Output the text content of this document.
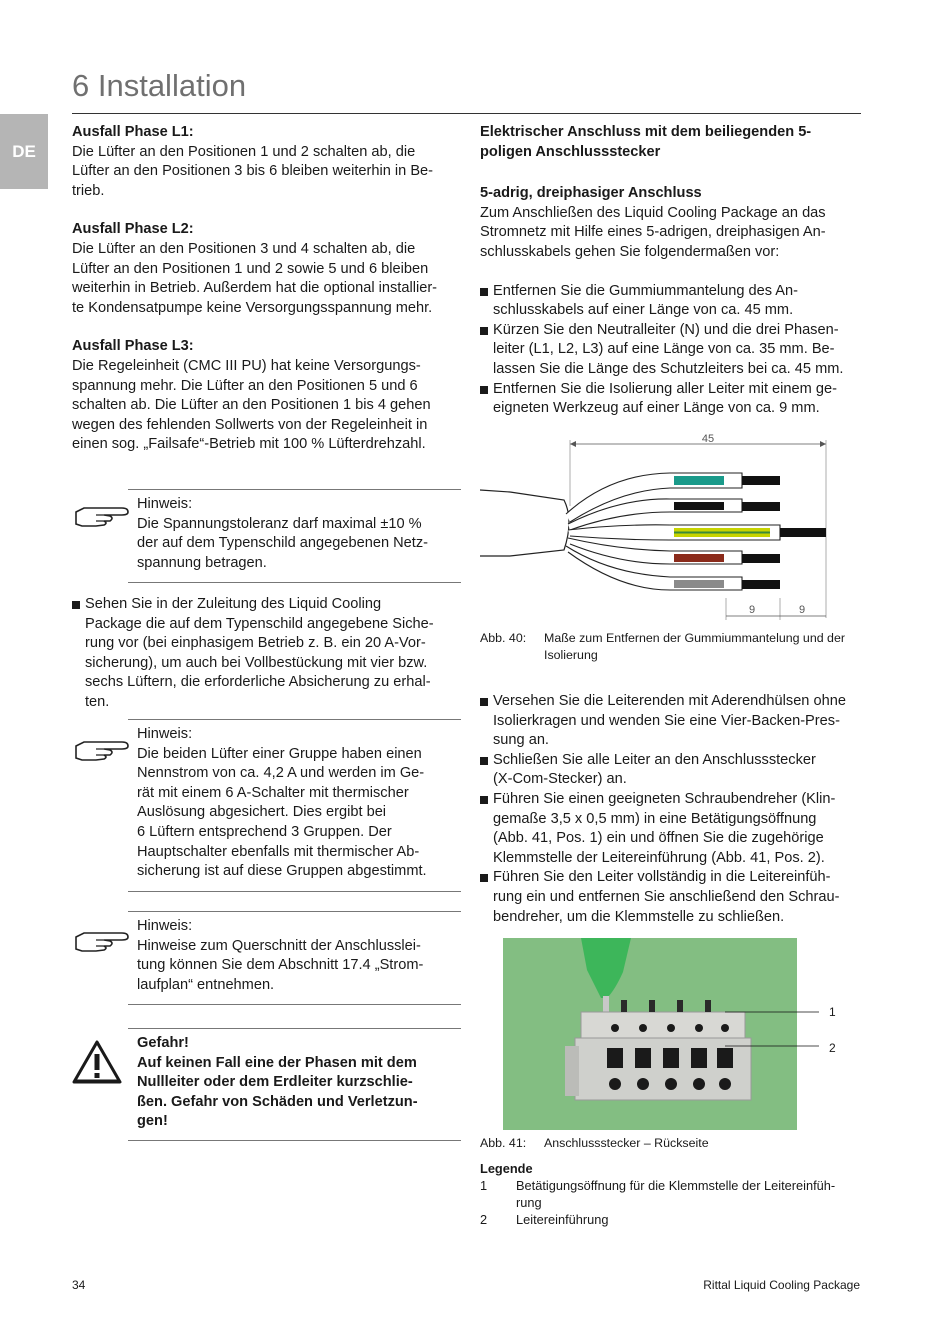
6 Installation
DE

Ausfall Phase L1:

Die Lüfter an den Positionen 1 und 2 schalten ab, die

Lüfter an den Positionen 3 bis 6 bleiben weiterhin in Be-

trieb.

Ausfall Phase L2:

Die Lüfter an den Positionen 3 und 4 schalten ab, die

Lüfter an den Positionen 1 und 2 sowie 5 und 6 bleiben

weiterhin in Betrieb. Außerdem hat die optional installier-

te Kondensatpumpe keine Versorgungsspannung mehr.

Ausfall Phase L3:

Die Regeleinheit (CMC III PU) hat keine Versorgungs-

spannung mehr. Die Lüfter an den Positionen 5 und 6

schalten ab. Die Lüfter an den Positionen 1 bis 4 gehen

wegen des fehlenden Sollwerts von der Regeleinheit in

einen sog. „Failsafe“-Betrieb mit 100 % Lüfterdrehzahl.

Hinweis:

Die Spannungstoleranz darf maximal ±10 %

der auf dem Typenschild angegebenen Netz-

spannung betragen.

Sehen Sie in der Zuleitung des Liquid Cooling

Package die auf dem Typenschild angegebene Siche-

rung vor (bei einphasigem Betrieb z. B. ein 20 A-Vor-

sicherung), um auch bei Vollbestückung mit vier bzw.

sechs Lüftern, die erforderliche Absicherung zu erhal-

ten.

Hinweis:

Die beiden Lüfter einer Gruppe haben einen

Nennstrom von ca. 4,2 A und werden im Ge-

rät mit einem 6 A-Schalter mit thermischer

Auslösung abgesichert. Dies ergibt bei

6 Lüftern entsprechend 3 Gruppen. Der

Hauptschalter ebenfalls mit thermischer Ab-

sicherung ist auf diese Gruppen abgestimmt.

Hinweis:

Hinweise zum Querschnitt der Anschlusslei-

tung können Sie dem Abschnitt 17.4 „Strom-

laufplan“ entnehmen.

Gefahr!

Auf keinen Fall eine der Phasen mit dem

Nullleiter oder dem Erdleiter kurzschlie-

ßen. Gefahr von Schäden und Verletzun-

gen!

Elektrischer Anschluss mit dem beiliegenden 5-

poligen Anschlussstecker

5-adrig, dreiphasiger Anschluss

Zum Anschließen des Liquid Cooling Package an das

Stromnetz mit Hilfe eines 5-adrigen, dreiphasigen An-

schlusskabels gehen Sie folgendermaßen vor:

Entfernen Sie die Gummiummantelung des An-

schlusskabels auf einer Länge von ca. 45 mm.

Kürzen Sie den Neutralleiter (N) und die drei Phasen-

leiter (L1, L2, L3) auf eine Länge von ca. 35 mm. Be-

lassen Sie die Länge des Schutzleiters bei ca. 45 mm.

Entfernen Sie die Isolierung aller Leiter mit einem ge-

eigneten Werkzeug auf einer Länge von ca. 9 mm.

45
9	9
Abb. 40:	Maße zum Entfernen der Gummiummantelung und der
Isolierung

Versehen Sie die Leiterenden mit Aderendhülsen ohne

Isolierkragen und wenden Sie eine Vier-Backen-Pres-

sung an.

Schließen Sie alle Leiter an den Anschlussstecker

(X-Com-Stecker) an.

Führen Sie einen geeigneten Schraubendreher (Klin-

gemaße 3,5 x 0,5 mm) in eine Betätigungsöffnung

(Abb. 41, Pos. 1) ein und öffnen Sie die zugehörige

Klemmstelle der Leitereinführung (Abb. 41, Pos. 2).

Führen Sie den Leiter vollständig in die Leitereinfüh-

rung ein und entfernen Sie anschließend den Schrau-

bendreher, um die Klemmstelle zu schließen.

1
2
Abb. 41:	Anschlussstecker – Rückseite

Legende

1	Betätigungsöffnung für die Klemmstelle der Leitereinfüh-
rung
2	Leitereinführung
34	Rittal Liquid Cooling Package
